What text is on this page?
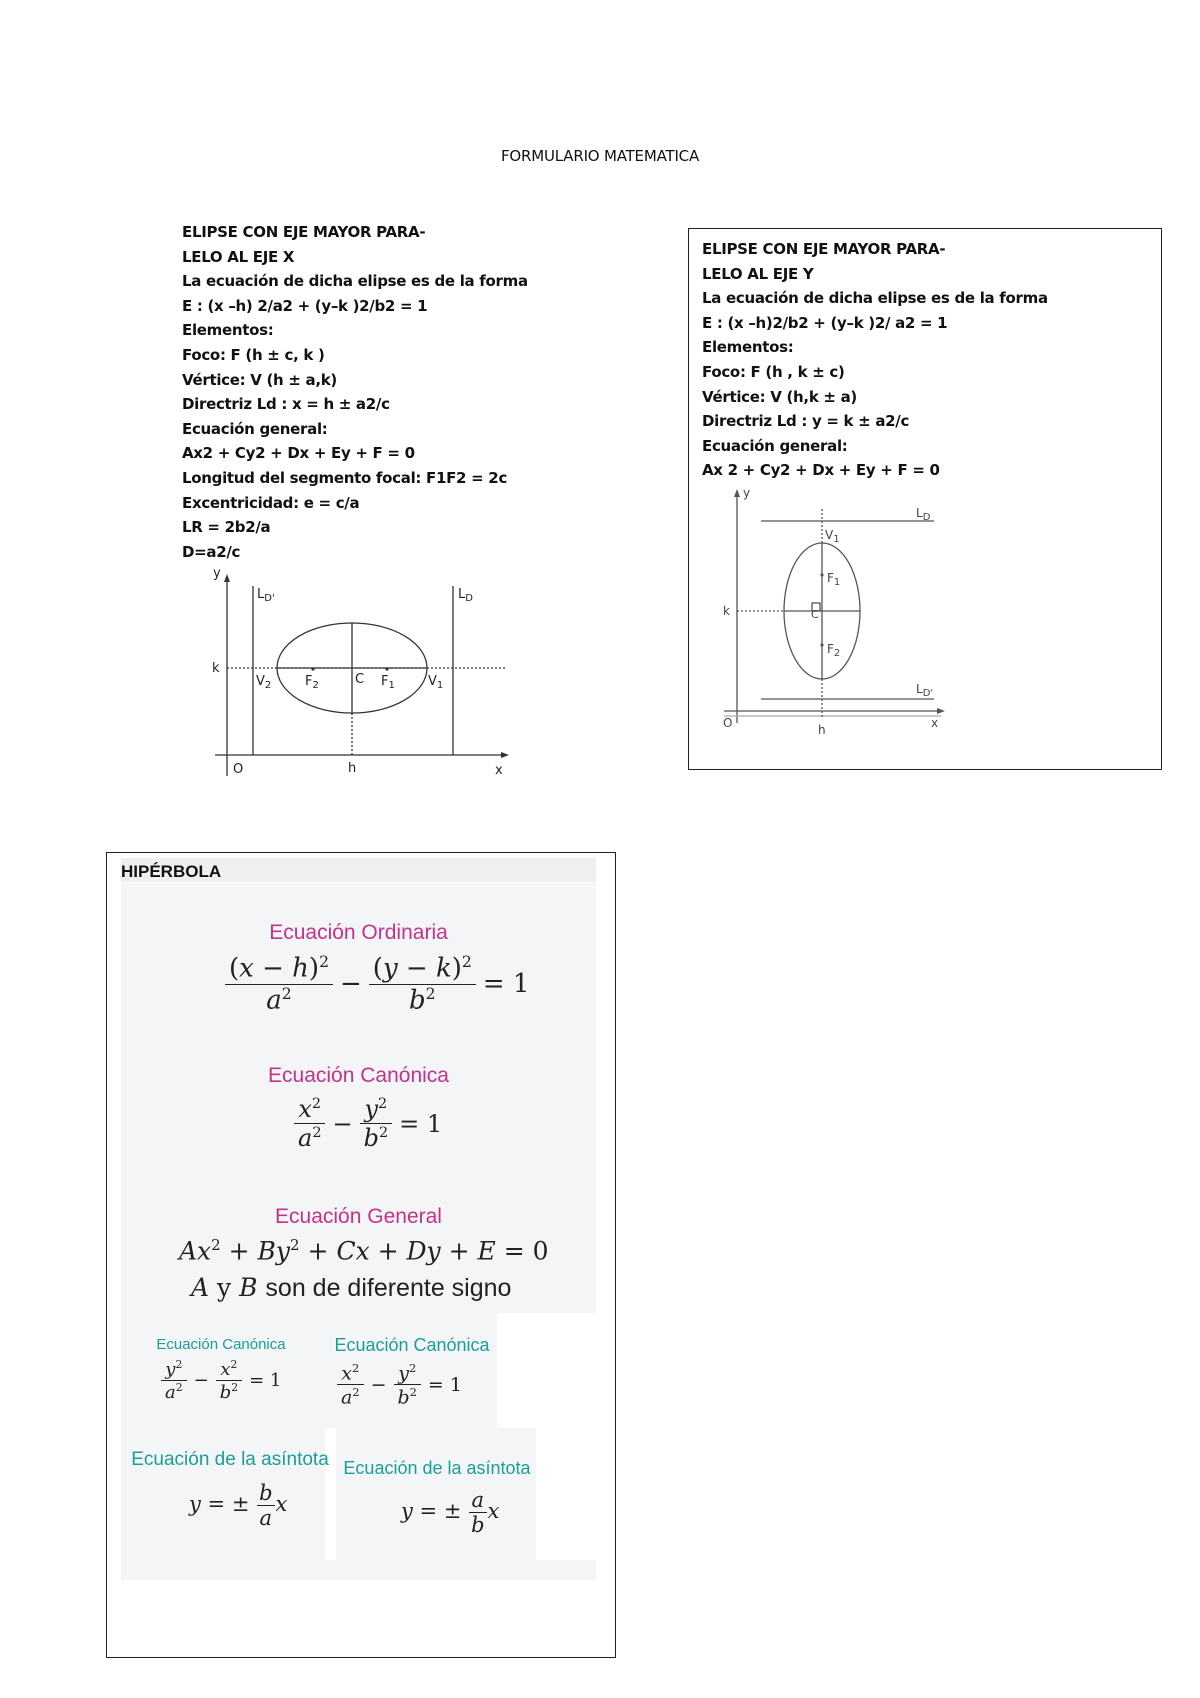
FORMULARIO MATEMATICA
ELIPSE CON EJE MAYOR PARA-
LELO AL EJE X
La ecuación de dicha elipse es de la forma
E : (x –h) 2/a2 + (y–k )2/b2 = 1
Elementos:
Foco: F (h ± c, k )
Vértice: V (h ± a,k)
Directriz Ld : x = h ± a2/c
Ecuación general:
Ax2 + Cy2 + Dx + Ey + F = 0
Longitud del segmento focal: F1F2 = 2c
Excentricidad: e = c/a
LR = 2b2/a
D=a2/c
y
x
O	h
k
$L_{D'}$	$L_D$
$V_2$	$F_2$	C $F_1$	$V_1$
ELIPSE CON EJE MAYOR PARA-
LELO AL EJE Y
La ecuación de dicha elipse es de la forma
E : (x –h)2/b2 + (y–k )2/ a2 = 1
Elementos:
Foco: F (h , k ± c)
Vértice: V (h,k ± a)
Directriz Ld : y = k ± a2/c
Ecuación general:
Ax 2 + Cy2 + Dx + Ey + F = 0
y
x
O	h
k	C
$L_D$
$L_{D'}$
$V_1$
$F_1$
$F_2$
HIPÉRBOLA
Ecuación Ordinaria
$\frac{(x - h)^2}{a^2} - \frac{(y - k)^2}{b^2} = 1$
Ecuación Canónica
$\frac{x^2}{a^2} - \frac{y^2}{b^2} = 1$
Ecuación General
$Ax^2 + By^2 + Cx + Dy + E = 0$
A y B son de diferente signo
Ecuación Canónica
$\frac{y^2}{a^2} - \frac{x^2}{b^2} = 1$
Ecuación Canónica
$\frac{x^2}{a^2} - \frac{y^2}{b^2} = 1$
Ecuación de la asíntota
y = ± $\frac{b}{a}$ x
Ecuación de la asíntota
y = ± $\frac{a}{b}$ x
